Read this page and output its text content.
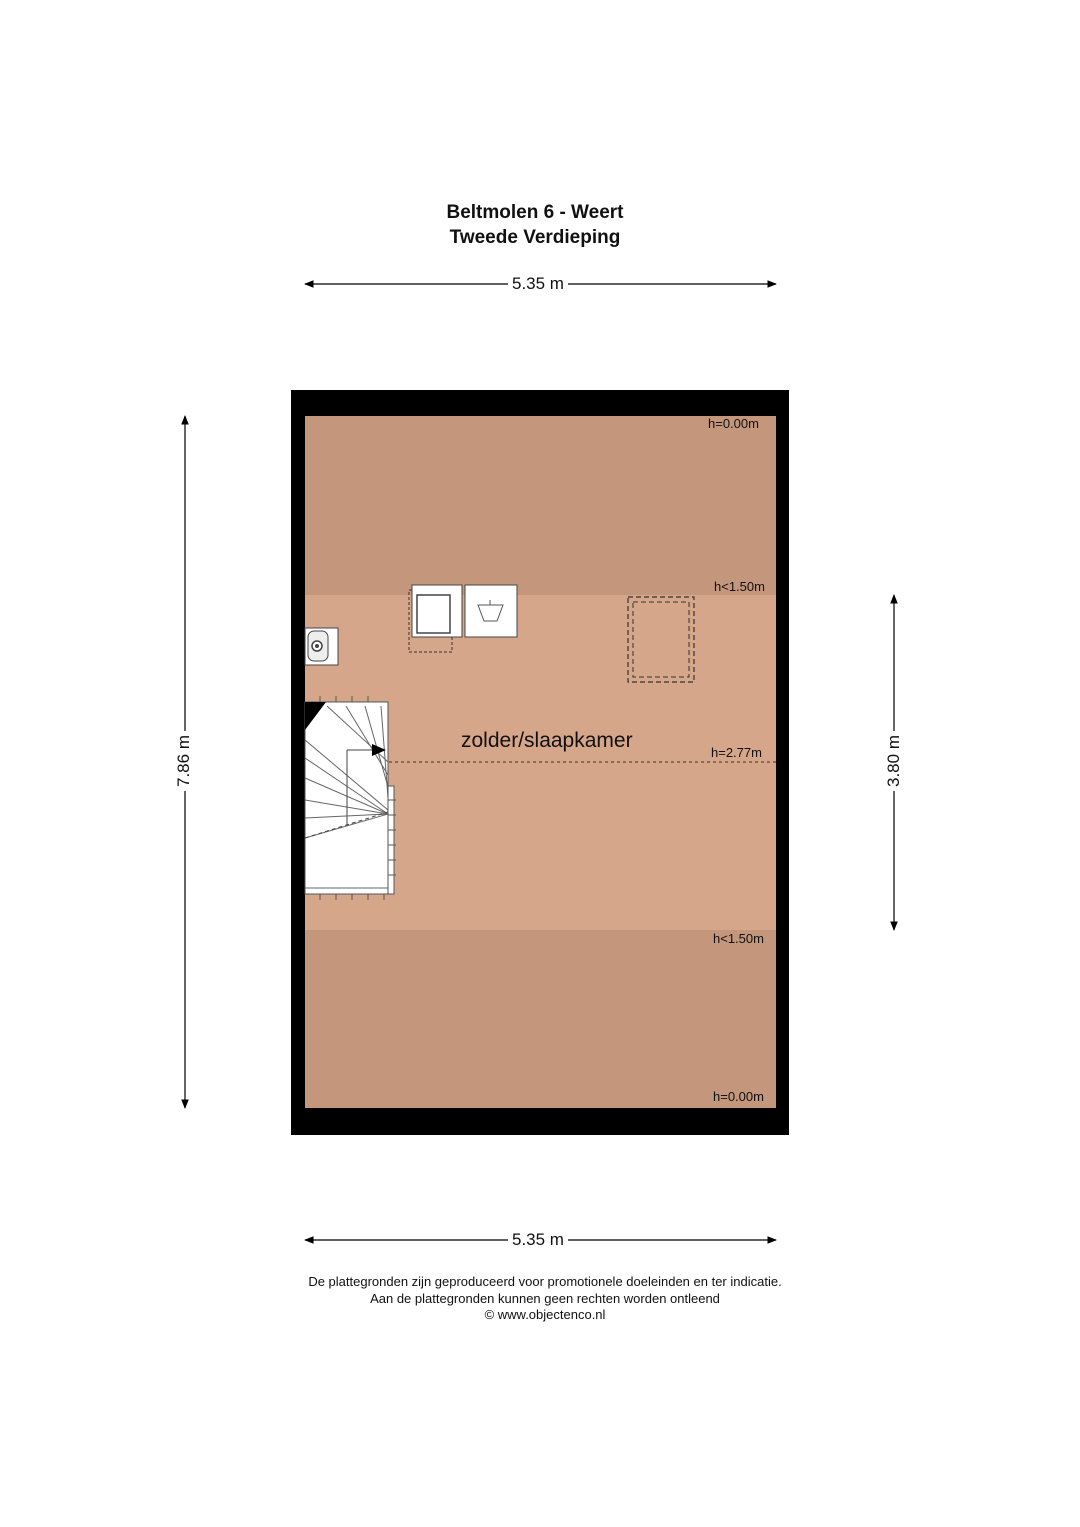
Beltmolen 6 - Weert
Tweede Verdieping
5.35 m
5.35 m
7.86 m	3.80 m
h=0.00m
h<1.50m
h=2.77m
h<1.50m
h=0.00m
zolder/slaapkamer
De plattegronden zijn geproduceerd voor promotionele doeleinden en ter indicatie.
Aan de plattegronden kunnen geen rechten worden ontleend
© www.objectenco.nl
